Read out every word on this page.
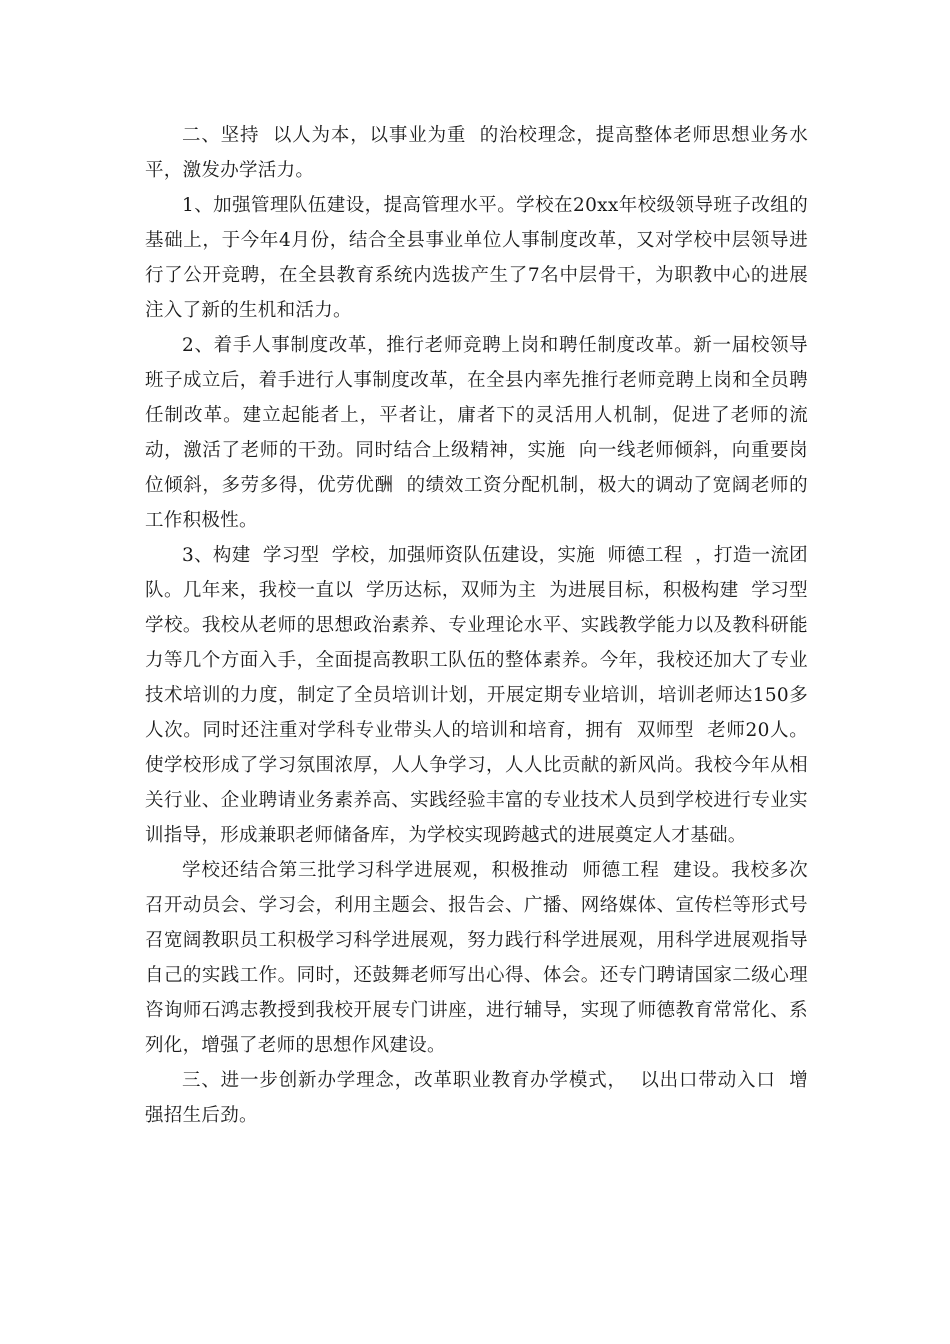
二、坚持  以人为本，以事业为重  的治校理念，提高整体老师思想业务水平，激发办学活力。

1、加强管理队伍建设，提高管理水平。学校在20xx年校级领导班子改组的基础上，于今年4月份，结合全县事业单位人事制度改革，又对学校中层领导进行了公开竞聘，在全县教育系统内选拔产生了7名中层骨干，为职教中心的进展注入了新的生机和活力。

2、着手人事制度改革，推行老师竞聘上岗和聘任制度改革。新一届校领导班子成立后，着手进行人事制度改革，在全县内率先推行老师竞聘上岗和全员聘任制改革。建立起能者上，平者让，庸者下的灵活用人机制，促进了老师的流动，激活了老师的干劲。同时结合上级精神，实施  向一线老师倾斜，向重要岗位倾斜，多劳多得，优劳优酬  的绩效工资分配机制，极大的调动了宽阔老师的工作积极性。

3、构建  学习型  学校，加强师资队伍建设，实施  师德工程  ，打造一流团队。几年来，我校一直以  学历达标，双师为主  为进展目标，积极构建  学习型  学校。我校从老师的思想政治素养、专业理论水平、实践教学能力以及教科研能力等几个方面入手，全面提高教职工队伍的整体素养。今年，我校还加大了专业技术培训的力度，制定了全员培训计划，开展定期专业培训，培训老师达150多人次。同时还注重对学科专业带头人的培训和培育，拥有  双师型  老师20人。使学校形成了学习氛围浓厚，人人争学习，人人比贡献的新风尚。我校今年从相关行业、企业聘请业务素养高、实践经验丰富的专业技术人员到学校进行专业实训指导，形成兼职老师储备库，为学校实现跨越式的进展奠定人才基础。

学校还结合第三批学习科学进展观，积极推动  师德工程  建设。我校多次召开动员会、学习会，利用主题会、报告会、广播、网络媒体、宣传栏等形式号召宽阔教职员工积极学习科学进展观，努力践行科学进展观，用科学进展观指导自己的实践工作。同时，还鼓舞老师写出心得、体会。还专门聘请国家二级心理咨询师石鸿志教授到我校开展专门讲座，进行辅导，实现了师德教育常常化、系列化，增强了老师的思想作风建设。

三、进一步创新办学理念，改革职业教育办学模式，  以出口带动入口  增强招生后劲。
